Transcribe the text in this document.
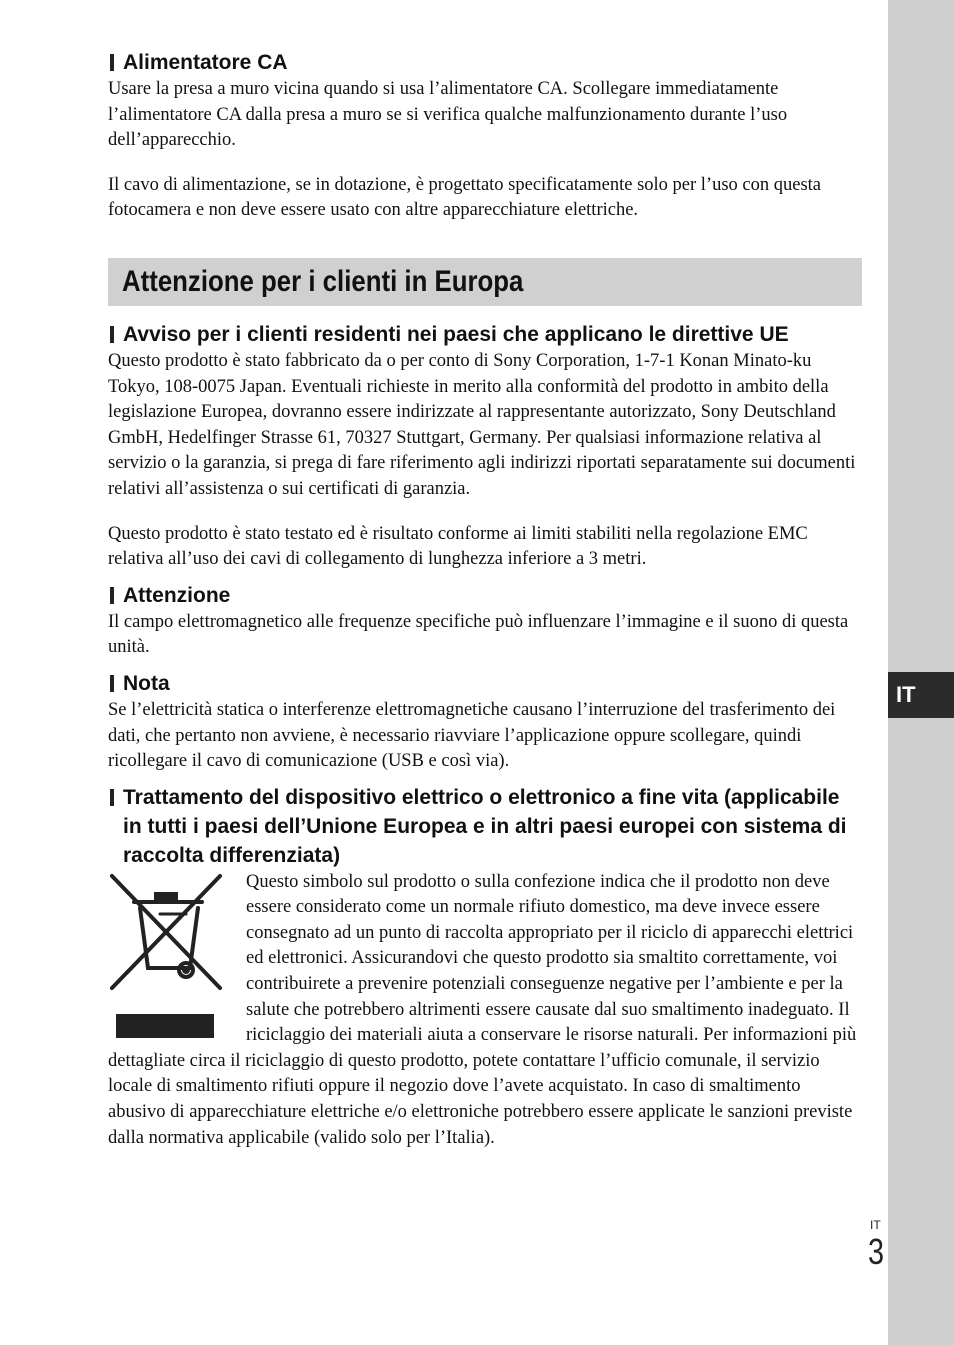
IT
Alimentatore CA

Usare la presa a muro vicina quando si usa l’alimentatore CA. Scollegare immediatamente l’alimentatore CA dalla presa a muro se si verifica qualche malfunzionamento durante l’uso dell’apparecchio.

Il cavo di alimentazione, se in dotazione, è progettato specificatamente solo per l’uso con questa fotocamera e non deve essere usato con altre apparecchiature elettriche.

Attenzione per i clienti in Europa
Avviso per i clienti residenti nei paesi che applicano le direttive UE

Questo prodotto è stato fabbricato da o per conto di Sony Corporation, 1-7-1 Konan Minato-ku Tokyo, 108-0075 Japan. Eventuali richieste in merito alla conformità del prodotto in ambito della legislazione Europea, dovranno essere indirizzate al rappresentante autorizzato, Sony Deutschland GmbH, Hedelfinger Strasse 61, 70327 Stuttgart, Germany. Per qualsiasi informazione relativa al servizio o la garanzia, si prega di fare riferimento agli indirizzi riportati separatamente sui documenti relativi all’assistenza o sui certificati di garanzia.

Questo prodotto è stato testato ed è risultato conforme ai limiti stabiliti nella regolazione EMC relativa all’uso dei cavi di collegamento di lunghezza inferiore a 3 metri.

Attenzione

Il campo elettromagnetico alle frequenze specifiche può influenzare l’immagine e il suono di questa unità.

Nota

Se l’elettricità statica o interferenze elettromagnetiche causano l’interruzione del trasferimento dei dati, che pertanto non avviene, è necessario riavviare l’applicazione oppure scollegare, quindi ricollegare il cavo di comunicazione (USB e così via).

Trattamento del dispositivo elettrico o elettronico a fine vita (applicabile in tutti i paesi dell’Unione Europea e in altri paesi europei con sistema di raccolta differenziata)

Questo simbolo sul prodotto o sulla confezione indica che il prodotto non deve essere considerato come un normale rifiuto domestico, ma deve invece essere consegnato ad un punto di raccolta appropriato per il riciclo di apparecchi elettrici ed elettronici. Assicurandovi che questo prodotto sia smaltito correttamente, voi contribuirete a prevenire potenziali conseguenze negative per l’ambiente e per la salute che potrebbero altrimenti essere causate dal suo smaltimento inadeguato. Il riciclaggio dei materiali aiuta a conservare le risorse naturali. Per informazioni più dettagliate circa il riciclaggio di questo prodotto, potete contattare l’ufficio comunale, il servizio locale di smaltimento rifiuti oppure il negozio dove l’avete acquistato. In caso di smaltimento abusivo di apparecchiature elettriche e/o elettroniche potrebbero essere applicate le sanzioni previste dalla normativa applicabile (valido solo per l’Italia).

IT
3
